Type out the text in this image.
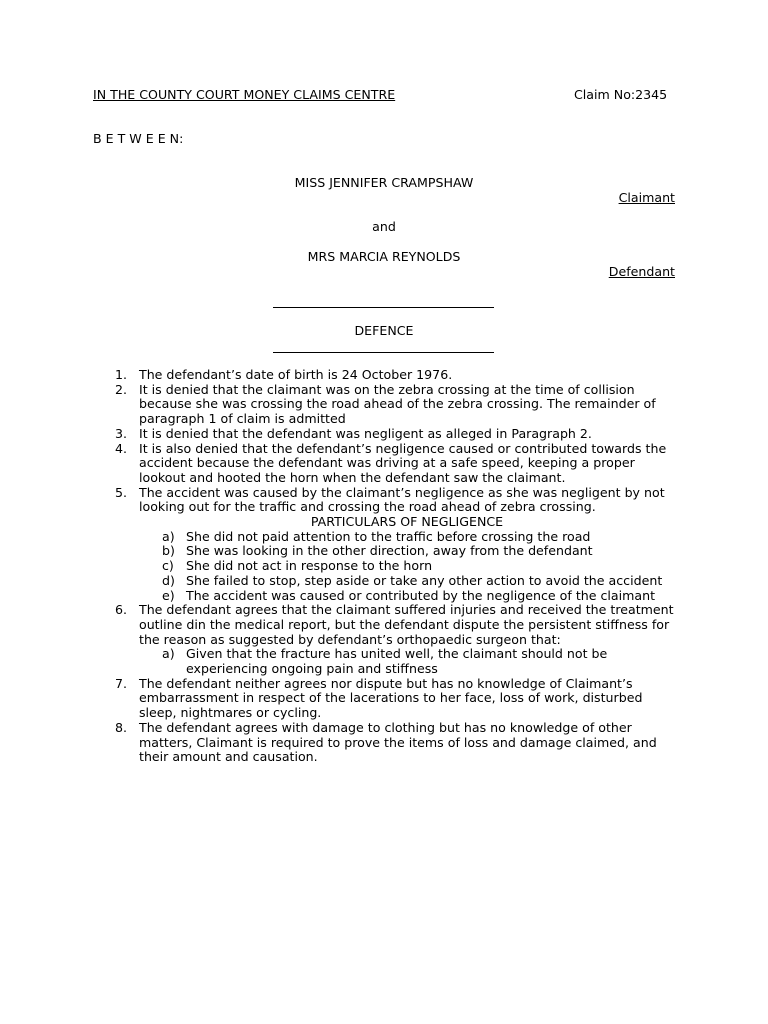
IN THE COUNTY COURT MONEY CLAIMS CENTRE	Claim No:2345
B E T W E E N:
MISS JENNIFER CRAMPSHAW
Claimant
and
MRS MARCIA REYNOLDS
Defendant
DEFENCE
1. The defendant’s date of birth is 24 October 1976.
2. It is denied that the claimant was on the zebra crossing at the time of collision because she was crossing the road ahead of the zebra crossing. The remainder of paragraph 1 of claim is admitted
3. It is denied that the defendant was negligent as alleged in Paragraph 2.
4. It is also denied that the defendant’s negligence caused or contributed towards the accident because the defendant was driving at a safe speed, keeping a proper lookout and hooted the horn when the defendant saw the claimant.
5. The accident was caused by the claimant’s negligence as she was negligent by not looking out for the traffic and crossing the road ahead of zebra crossing.
PARTICULARS OF NEGLIGENCE
a) She did not paid attention to the traffic before crossing the road
b) She was looking in the other direction, away from the defendant
c) She did not act in response to the horn
d) She failed to stop, step aside or take any other action to avoid the accident
e) The accident was caused or contributed by the negligence of the claimant
6. The defendant agrees that the claimant suffered injuries and received the treatment outline din the medical report, but the defendant dispute the persistent stiffness for the reason as suggested by defendant’s orthopaedic surgeon that:
a) Given that the fracture has united well, the claimant should not be experiencing ongoing pain and stiffness
7. The defendant neither agrees nor dispute but has no knowledge of Claimant’s embarrassment in respect of the lacerations to her face, loss of work, disturbed sleep, nightmares or cycling.
8. The defendant agrees with damage to clothing but has no knowledge of other matters, Claimant is required to prove the items of loss and damage claimed, and their amount and causation.
